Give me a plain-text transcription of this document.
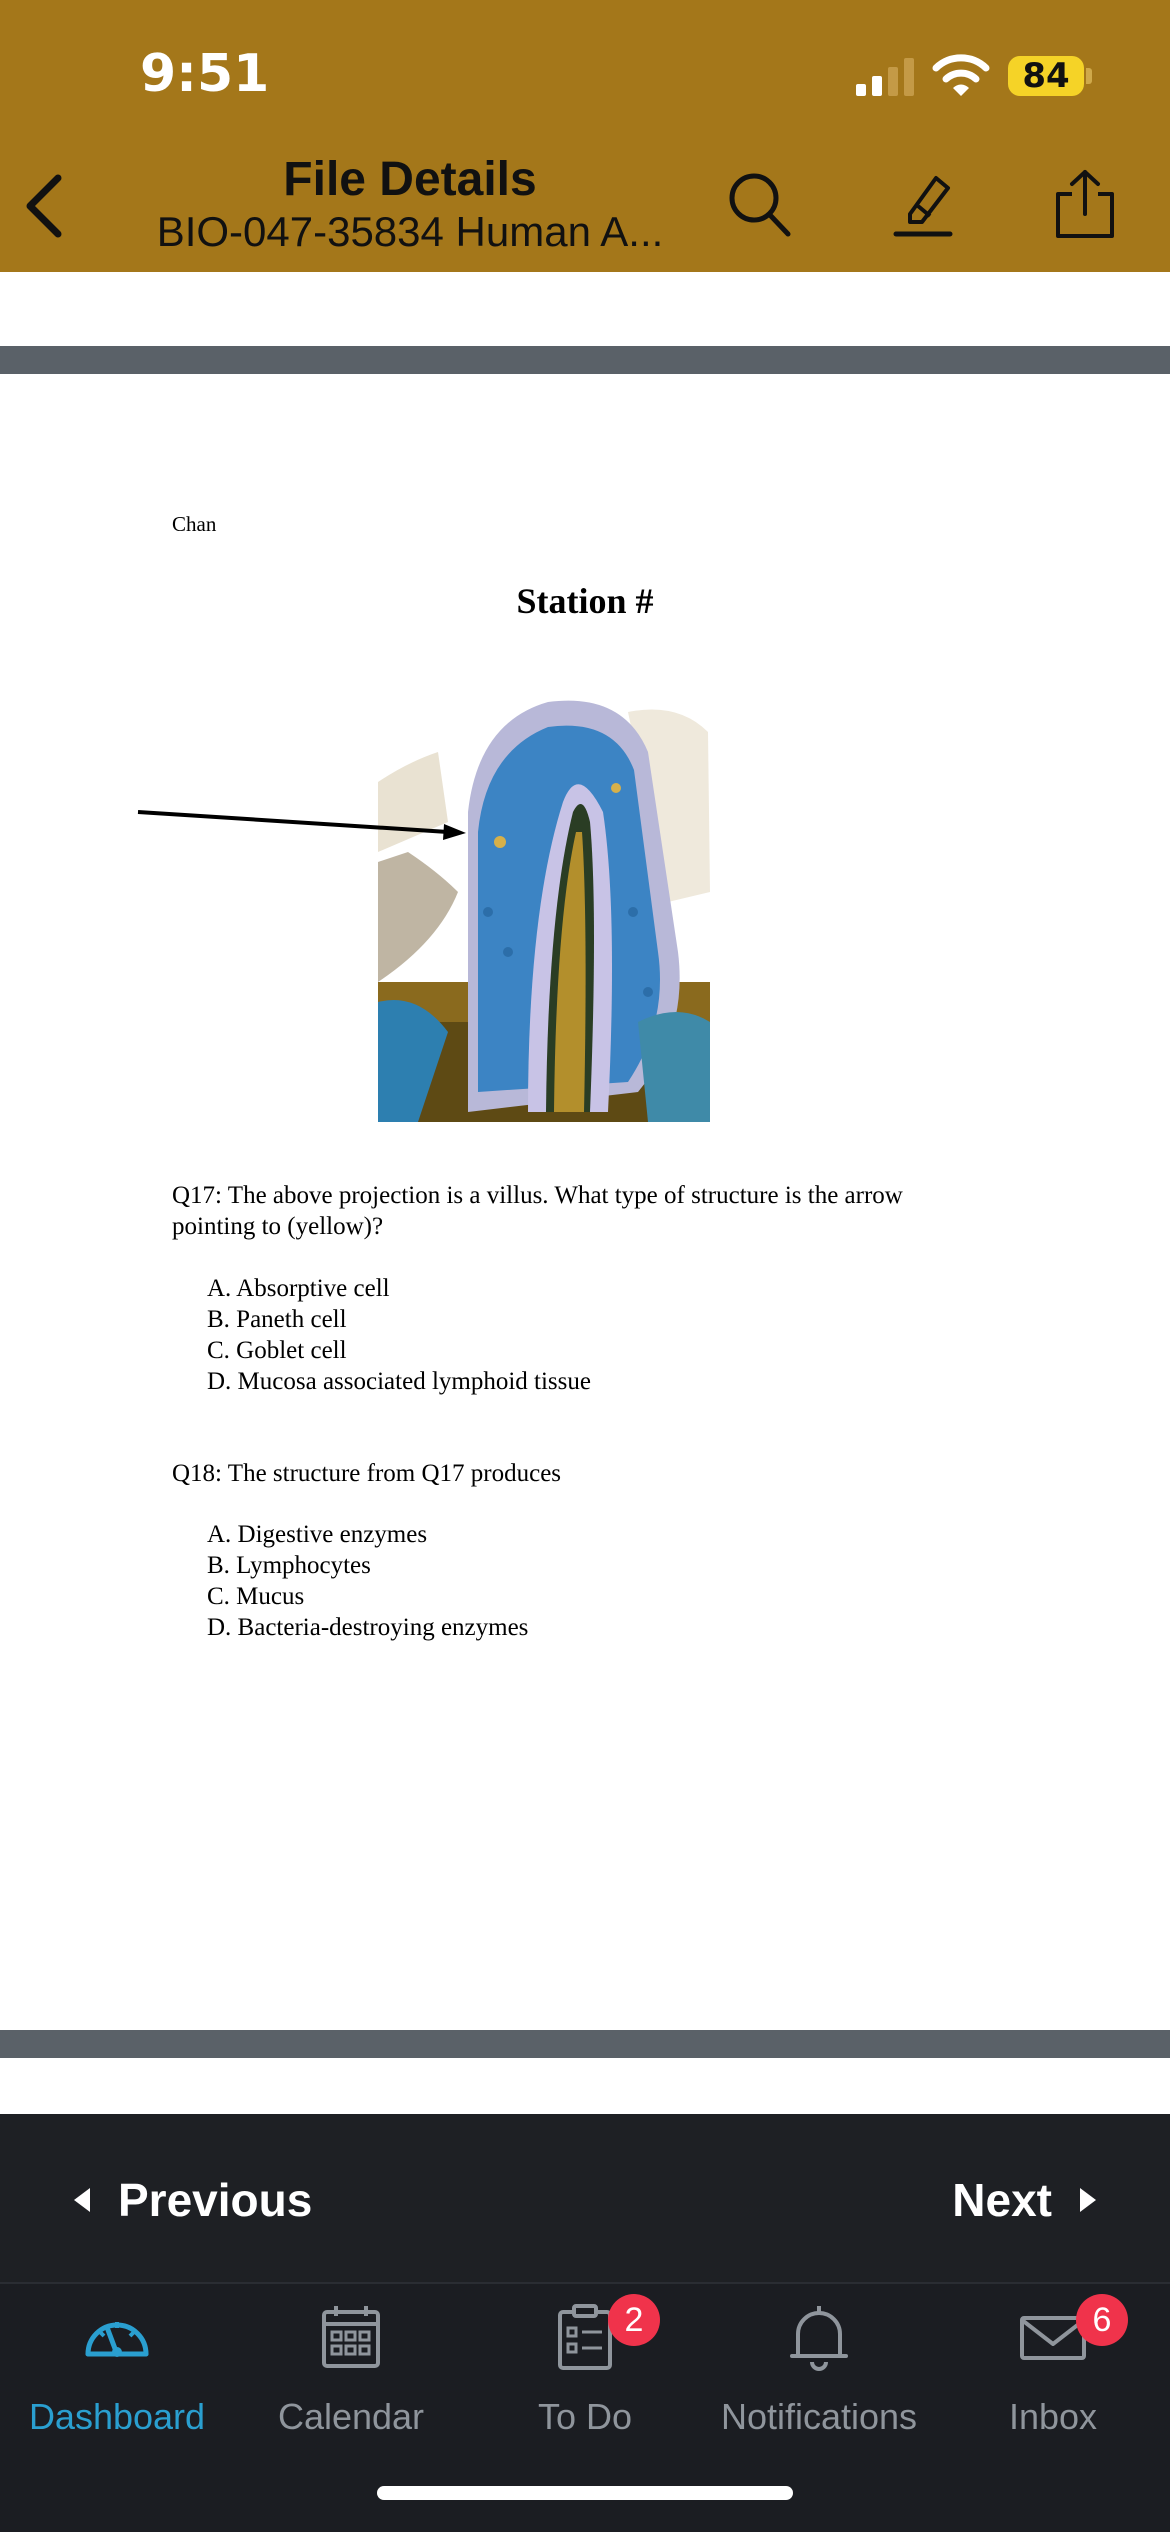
9:51	84
File Details
BIO-047-35834 Human A...
Chan
Station #
Q17: The above projection is a villus. What type of structure is the arrow
pointing to (yellow)?
A. Absorptive cell
B. Paneth cell
C. Goblet cell
D. Mucosa associated lymphoid tissue
Q18: The structure from Q17 produces
A. Digestive enzymes
B. Lymphocytes
C. Mucus
D. Bacteria-destroying enzymes
Previous	Next
Dashboard	Calendar
2
To Do	Notifications
6
Inbox
